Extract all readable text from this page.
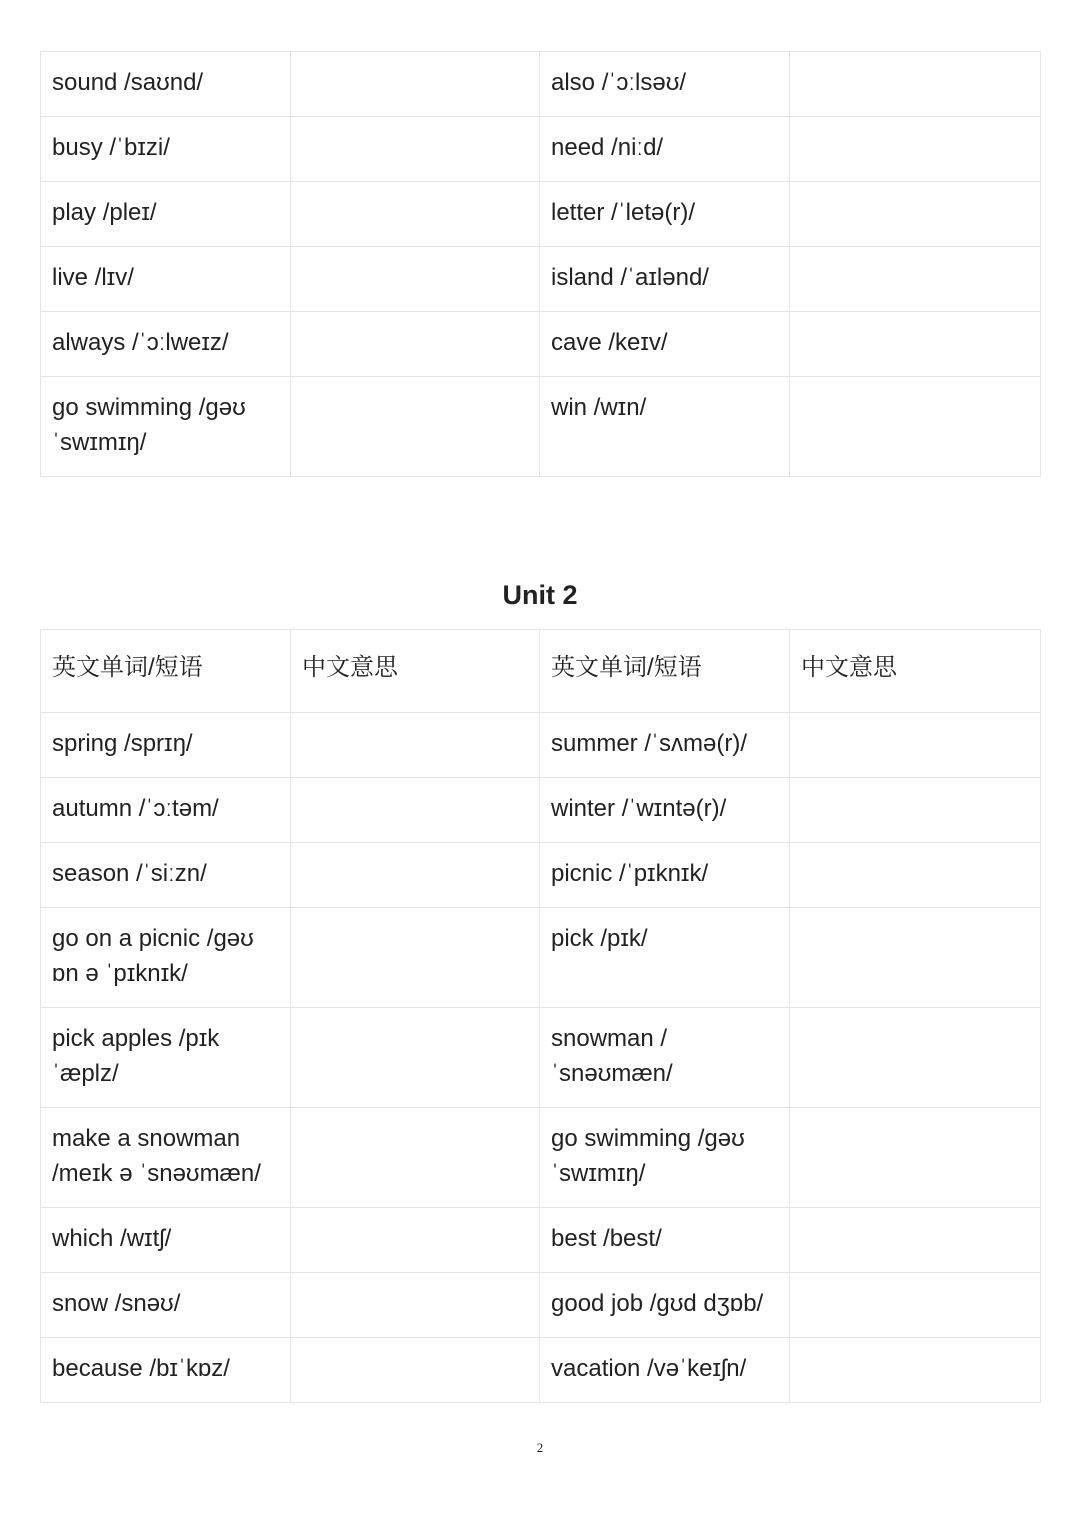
sound /saʊnd/		also /ˈɔːlsəʊ/	
busy /ˈbɪzi/		need /niːd/	
play /pleɪ/		letter /ˈletə(r)/	
live /lɪv/		island /ˈaɪlənd/	
always /ˈɔːlweɪz/		cave /keɪv/	
go swimming /gəʊ ˈswɪmɪŋ/		win /wɪn/	
Unit 2
英文单词/短语	中文意思	英文单词/短语	中文意思
spring /sprɪŋ/		summer /ˈsʌmə(r)/	
autumn /ˈɔːtəm/		winter /ˈwɪntə(r)/	
season /ˈsiːzn/		picnic /ˈpɪknɪk/	
go on a picnic /gəʊ ɒn ə ˈpɪknɪk/		pick /pɪk/	
pick apples /pɪk ˈæplz/		snowman /ˈsnəʊmæn/	
make a snowman /meɪk ə ˈsnəʊmæn/		go swimming /gəʊ ˈswɪmɪŋ/	
which /wɪtʃ/		best /best/	
snow /snəʊ/		good job /gʊd dʒɒb/	
because /bɪˈkɒz/		vacation /vəˈkeɪʃn/	
2
